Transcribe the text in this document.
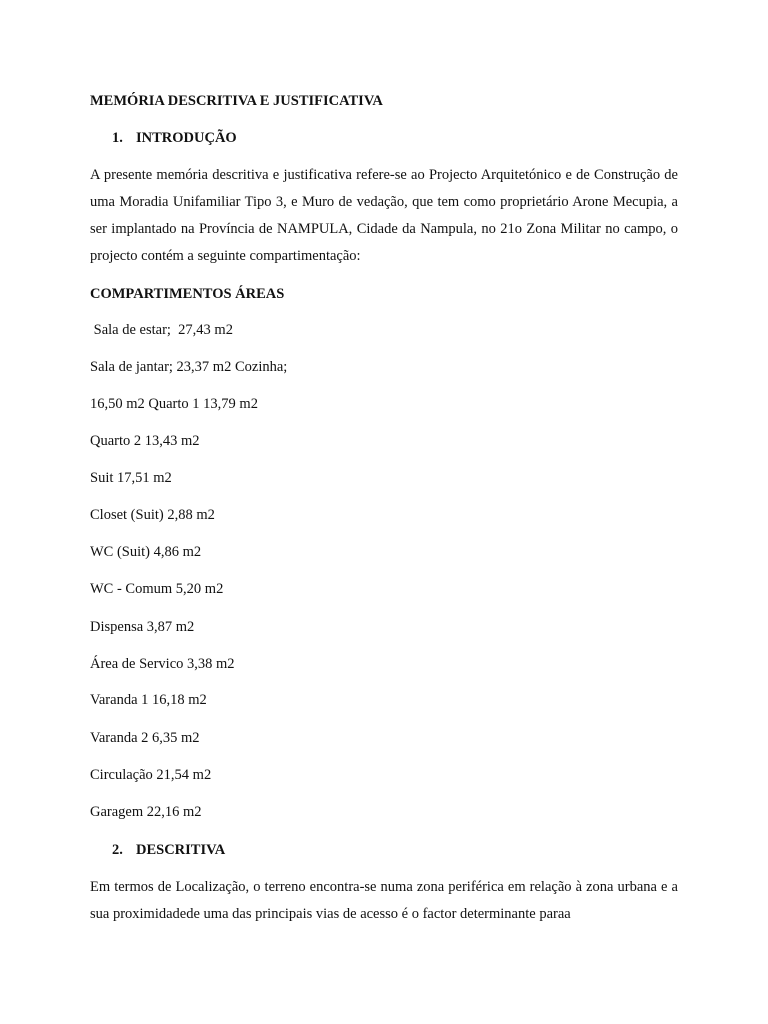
MEMÓRIA DESCRITIVA E JUSTIFICATIVA
1. INTRODUÇÃO
A presente memória descritiva e justificativa refere-se ao Projecto Arquitetónico e de Construção de uma Moradia Unifamiliar Tipo 3, e Muro de vedação, que tem como proprietário Arone Mecupia, a ser implantado na Província de NAMPULA, Cidade da Nampula, no 21o Zona Militar no campo, o projecto contém a seguinte compartimentação:
COMPARTIMENTOS ÁREAS
Sala de estar;  27,43 m2
Sala de jantar; 23,37 m2 Cozinha;
16,50 m2 Quarto 1 13,79 m2
Quarto 2 13,43 m2
Suit 17,51 m2
Closet (Suit) 2,88 m2
WC (Suit) 4,86 m2
WC - Comum 5,20 m2
Dispensa 3,87 m2
Área de Servico 3,38 m2
Varanda 1 16,18 m2
Varanda 2 6,35 m2
Circulação 21,54 m2
Garagem 22,16 m2
2. DESCRITIVA
Em termos de Localização, o terreno encontra-se numa zona periférica em relação à zona urbana e a sua proximidadede uma das principais vias de acesso é o factor determinante paraa
